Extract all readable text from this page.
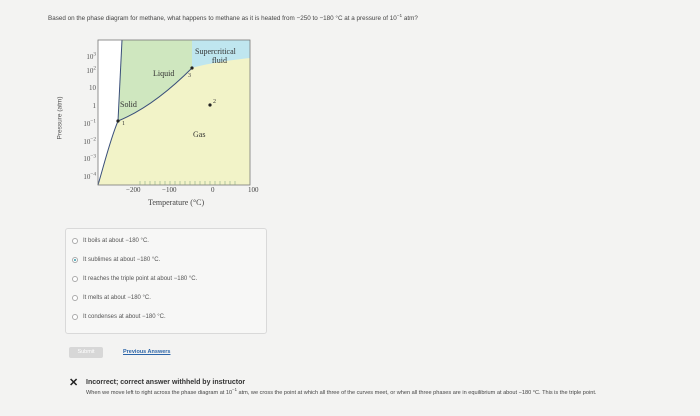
Based on the phase diagram for methane, what happens to methane as it is heated from −250 to −180 °C at a pressure of $10^{-1}$ atm?
Pressure (atm)
$10^3$
$10^2$
10
1
$10^{-1}$
$10^{-2}$
$10^{-3}$
$10^{-4}$
−200	−100	0	100
Temperature (°C)
Solid
Liquid
Gas
Supercritical
fluid
1
2
3
It boils at about −180 °C.
It sublimes at about −180 °C.
It reaches the triple point at about −180 °C.
It melts at about −180 °C.
It condenses at about −180 °C.
Submit	Previous Answers
✕ Incorrect; correct answer withheld by instructor
When we move left to right across the phase diagram at $10^{-1}$ atm, we cross the point at which all three of the curves meet, or when all three phases are in equilibrium at about −180 °C. This is the triple point.
